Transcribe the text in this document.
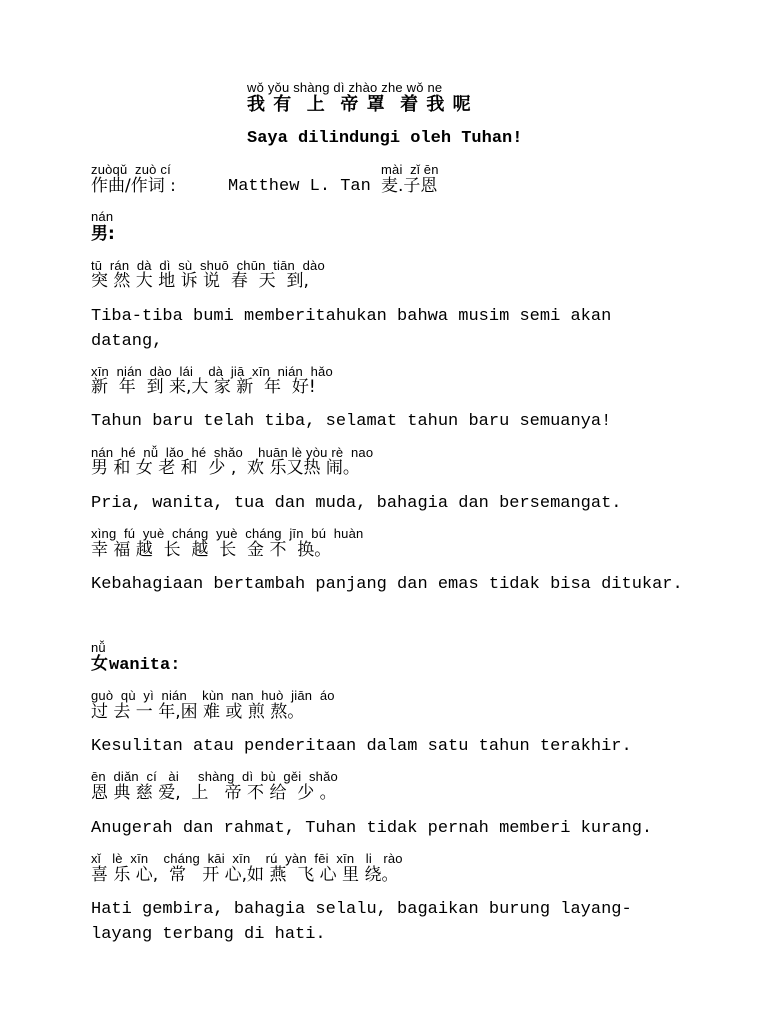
wǒ yǒu shàng dì zhào zhe wǒ ne
我 有  上  帝 罩  着 我 呢
Saya dilindungi oleh Tuhan!
zuòqǔ  zuò cí	mài  zǐ ēn
作曲/作词 :	Matthew L. Tan 麦.子恩
nán
男:
tū  rán  dà  dì  sù  shuō  chūn  tiān  dào
突 然 大 地 诉 说  春  天  到,
Tiba-tiba bumi memberitahukan bahwa musim semi akan
datang,
xīn  nián  dào  lái    dà  jiā  xīn  nián  hǎo
新  年  到 来,大 家 新  年  好!
Tahun baru telah tiba, selamat tahun baru semuanya!
nán  hé  nǚ  lǎo  hé  shǎo    huān lè yòu rè  nao
男 和 女 老 和  少 ,  欢 乐又热 闹。
Pria, wanita, tua dan muda, bahagia dan bersemangat.
xìng  fú  yuè  cháng  yuè  cháng  jīn  bú  huàn
幸 福 越  长  越  长  金 不  换。
Kebahagiaan bertambah panjang dan emas tidak bisa ditukar.
nǚ
女 wanita:
guò  qù  yì  nián    kùn  nan  huò  jiān  áo
过 去 一 年,困 难 或 煎 熬。
Kesulitan atau penderitaan dalam satu tahun terakhir.
ēn  diǎn  cí   ài     shàng  dì  bù  gěi  shǎo
恩 典 慈 爱,  上   帝 不 给  少 。
Anugerah dan rahmat, Tuhan tidak pernah memberi kurang.
xǐ   lè  xīn    cháng  kāi  xīn    rú  yàn  fēi  xīn   li   rào
喜 乐 心,  常   开 心,如 燕  飞 心 里 绕。
Hati gembira, bahagia selalu, bagaikan burung layang-
layang terbang di hati.
